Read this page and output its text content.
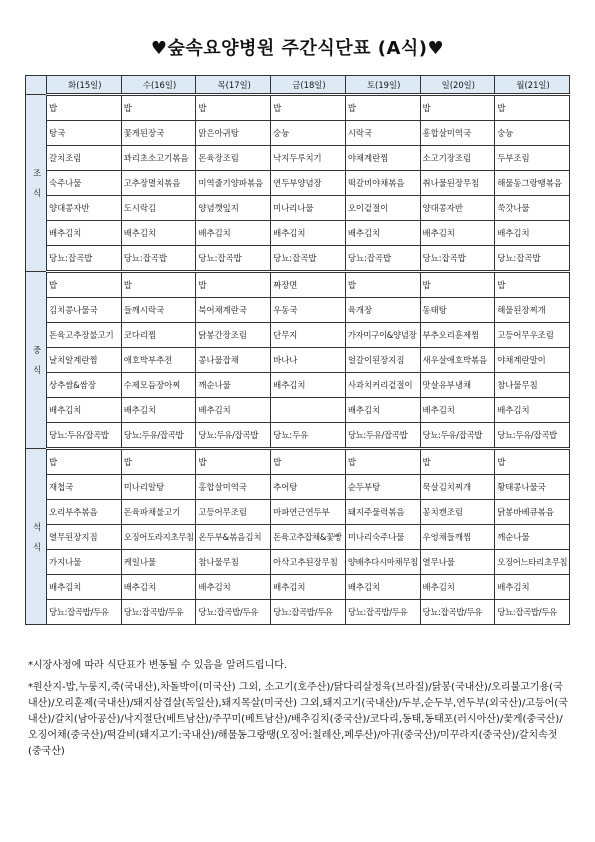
♥숲속요양병원 주간식단표 (A식)♥
	화(15일)	수(16일)	목(17일)	금(18일)	토(19일)	일(20일)	월(21일)
조

식	밥	밥	밥	밥	밥	밥	밥
	탕국	꽃게된장국	맑은아귀탕	숭늉	시락국	흥합살미역국	숭늉
	갈치조림	꽈리초소고기볶음	돈육장조림	낙지두루치기	야채계란찜	소고기장조림	두부조림
	숙주나물	고추장멸치볶음	미역줄기양파볶음	연두부양념장	떡갈비야채볶음	취나물된장무침	해물동그랑땡볶음
	양대콩자반	도시락김	양념깻잎지	미나리나물	오이겉절이	양대콩자반	쑥갓나물
	배추김치	배추김치	배추김치	배추김치	배추김치	배추김치	배추김치
	당뇨:잡곡밥	당뇨:잡곡밥	당뇨:잡곡밥	당뇨:잡곡밥	당뇨:잡곡밥	당뇨:잡곡밥	당뇨:잡곡밥
중

식	밥	밥	밥	짜장면	밥	밥	밥
	김치콩나물국	들깨시락국	북어채계란국	우동국	육개장	동태탕	해물된장찌개
	돈육고추장불고기	코다리찜	닭봉간장조림	단무지	가자미구이&양념장	부추오리훈제찜	고등어무우조림
	날치알계란찜	애호박부추전	콩나물잡채	바나나	얼갈이된장지짐	새우살애호박볶음	야채계란말이
	상추쌈&쌈장	수제모듬장아찌	깨순나물	배추김치	사과치커리겉절이	맛살유부냉채	참나물무침
	배추김치	배추김치	배추김치		배추김치	배추김치	배추김치
	당뇨:두유/잡곡밥	당뇨:두유/잡곡밥	당뇨:두유/잡곡밥	당뇨:두유	당뇨:두유/잡곡밥	당뇨:두유/잡곡밥	당뇨:두유/잡곡밥
석

식	밥	밥	밥	밥	밥	밥	밥
	재첩국	미나리알탕	홍합살미역국	추어탕	순두부탕	묵살김치찌개	황태콩나물국
	오리부추볶음	돈육파채불고기	고등어무조림	마파연근연두부	돼지주물럭볶음	꽁치캔조림	닭봉바베큐볶음
	열무된장지짐	오징어도라지초무침	온두부&볶음김치	돈육고추잡채&꽃빵	미나리숙주나물	우엉채들깨찜	깨순나물
	가지나물	케일나물	참나물무침	아삭고추된장무침	양배추다시마채무침	열무나물	오징어느타리초무침
	배추김치	배추김치	배추김치	배추김치	배추김치	배추김치	배추김치
	당뇨:잡곡밥/두유	당뇨:잡곡밥/두유	당뇨:잡곡밥/두유	당뇨:잡곡밥/두유	당뇨:잡곡밥/두유	당뇨:잡곡밥/두유	당뇨:잡곡밥/두유

*시장사정에 따라 식단표가 변동될 수 있음을 알려드립니다.

*원산지-밥,누룽지,죽(국내산),차돌박이(미국산) 그외, 소고기(호주산)/닭다리살정육(브라질)/닭봉(국내산)/오리불고기용(국내산)/오리훈제(국내산)/돼지삼겹살(독일산),돼지목살(미국산) 그외,돼지고기(국내산)/두부,순두부,연두부(외국산)/고등어(국내산)/갈치(남아공산)/낙지절단(베트남산)/주꾸미(베트남산)/배추김치(중국산)/코다리,동태,동태포(러시아산)/꽃게(중국산)/오징어채(중국산)/떡갈비(돼지고기:국내산)/해물동그랑땡(오징어:칠레산,페루산)/아귀(중국산)/미꾸라지(중국산)/갈치속젓(중국산)
